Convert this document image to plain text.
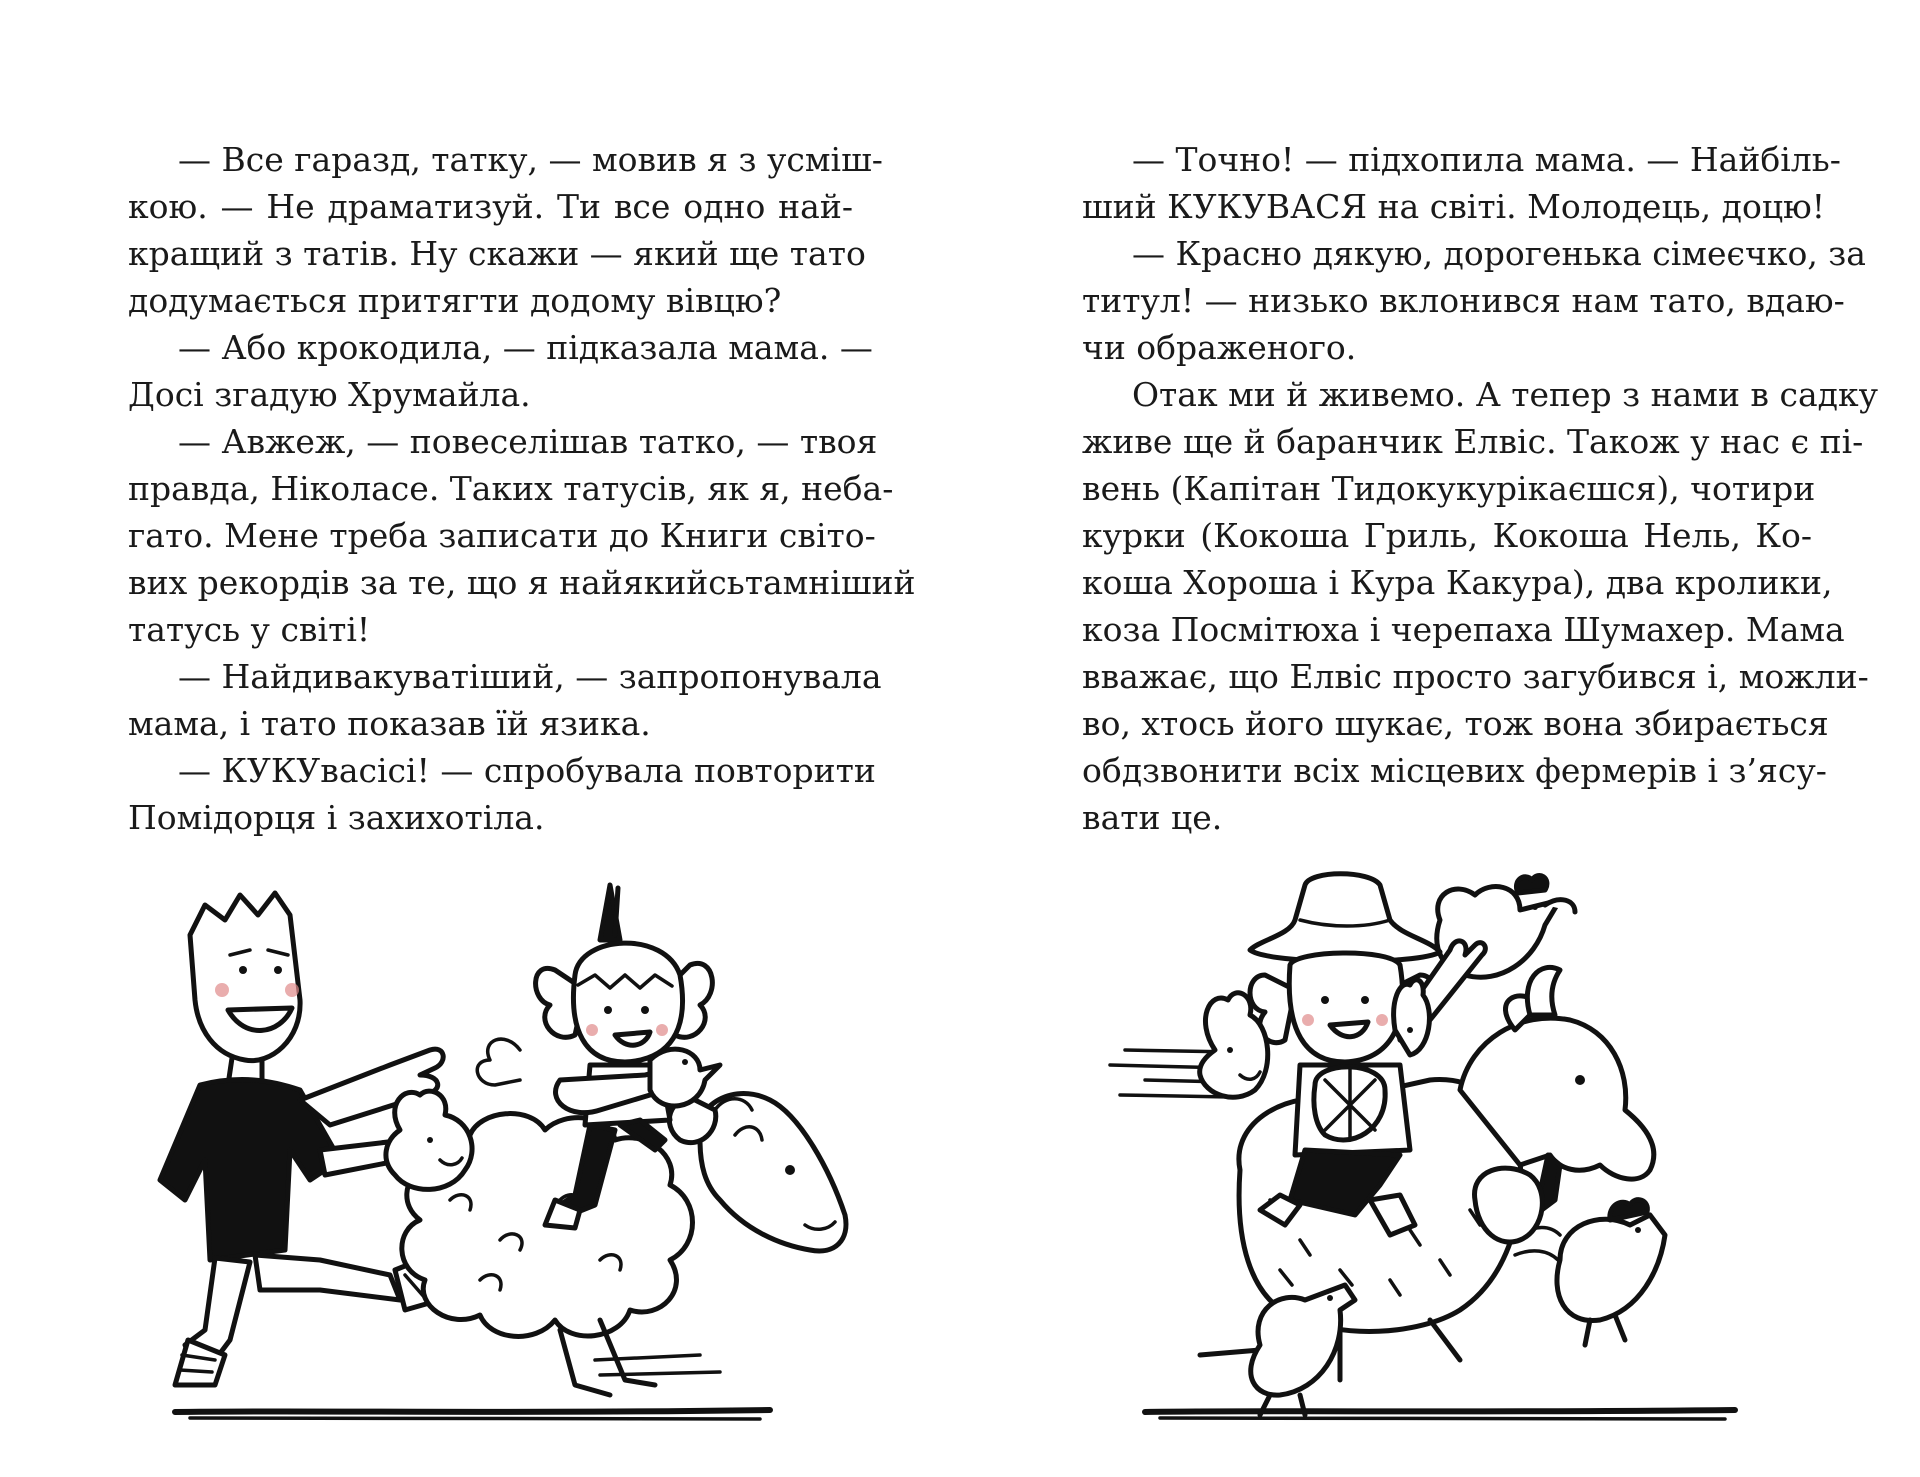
— Все гаразд, татку, — мовив я з усміш-
кою. — Не драматизуй. Ти все одно най-
кращий з татів. Ну скажи — який ще тато
додумається притягти додому вівцю?
— Або крокодила, — підказала мама. —
Досі згадую Хрумайла.
— Авжеж, — повеселішав татко, — твоя
правда, Ніколасе. Таких татусів, як я, неба-
гато. Мене треба записати до Книги світо-
вих рекордів за те, що я найякийсьтамніший
татусь у світі!
— Найдивакуватіший, — запропонувала
мама, і тато показав їй язика.
— КУКУвасісі! — спробувала повторити
Помідорця і захихотіла.
— Точно! — підхопила мама. — Найбіль-
ший КУКУВАСЯ на світі. Молодець, доцю!
— Красно дякую, дорогенька сімеєчко, за
титул! — низько вклонився нам тато, вдаю-
чи ображеного.
Отак ми й живемо. А тепер з нами в садку
живе ще й баранчик Елвіс. Також у нас є пі-
вень (Капітан Тидокукурікаєшся), чотири
курки (Кокоша Гриль, Кокоша Нель, Ко-
коша Хороша і Кура Какура), два кролики,
коза Посмітюха і черепаха Шумахер. Мама
вважає, що Елвіс просто загубився і, можли-
во, хтось його шукає, тож вона збирається
обдзвонити всіх місцевих фермерів і з’ясу-
вати це.
